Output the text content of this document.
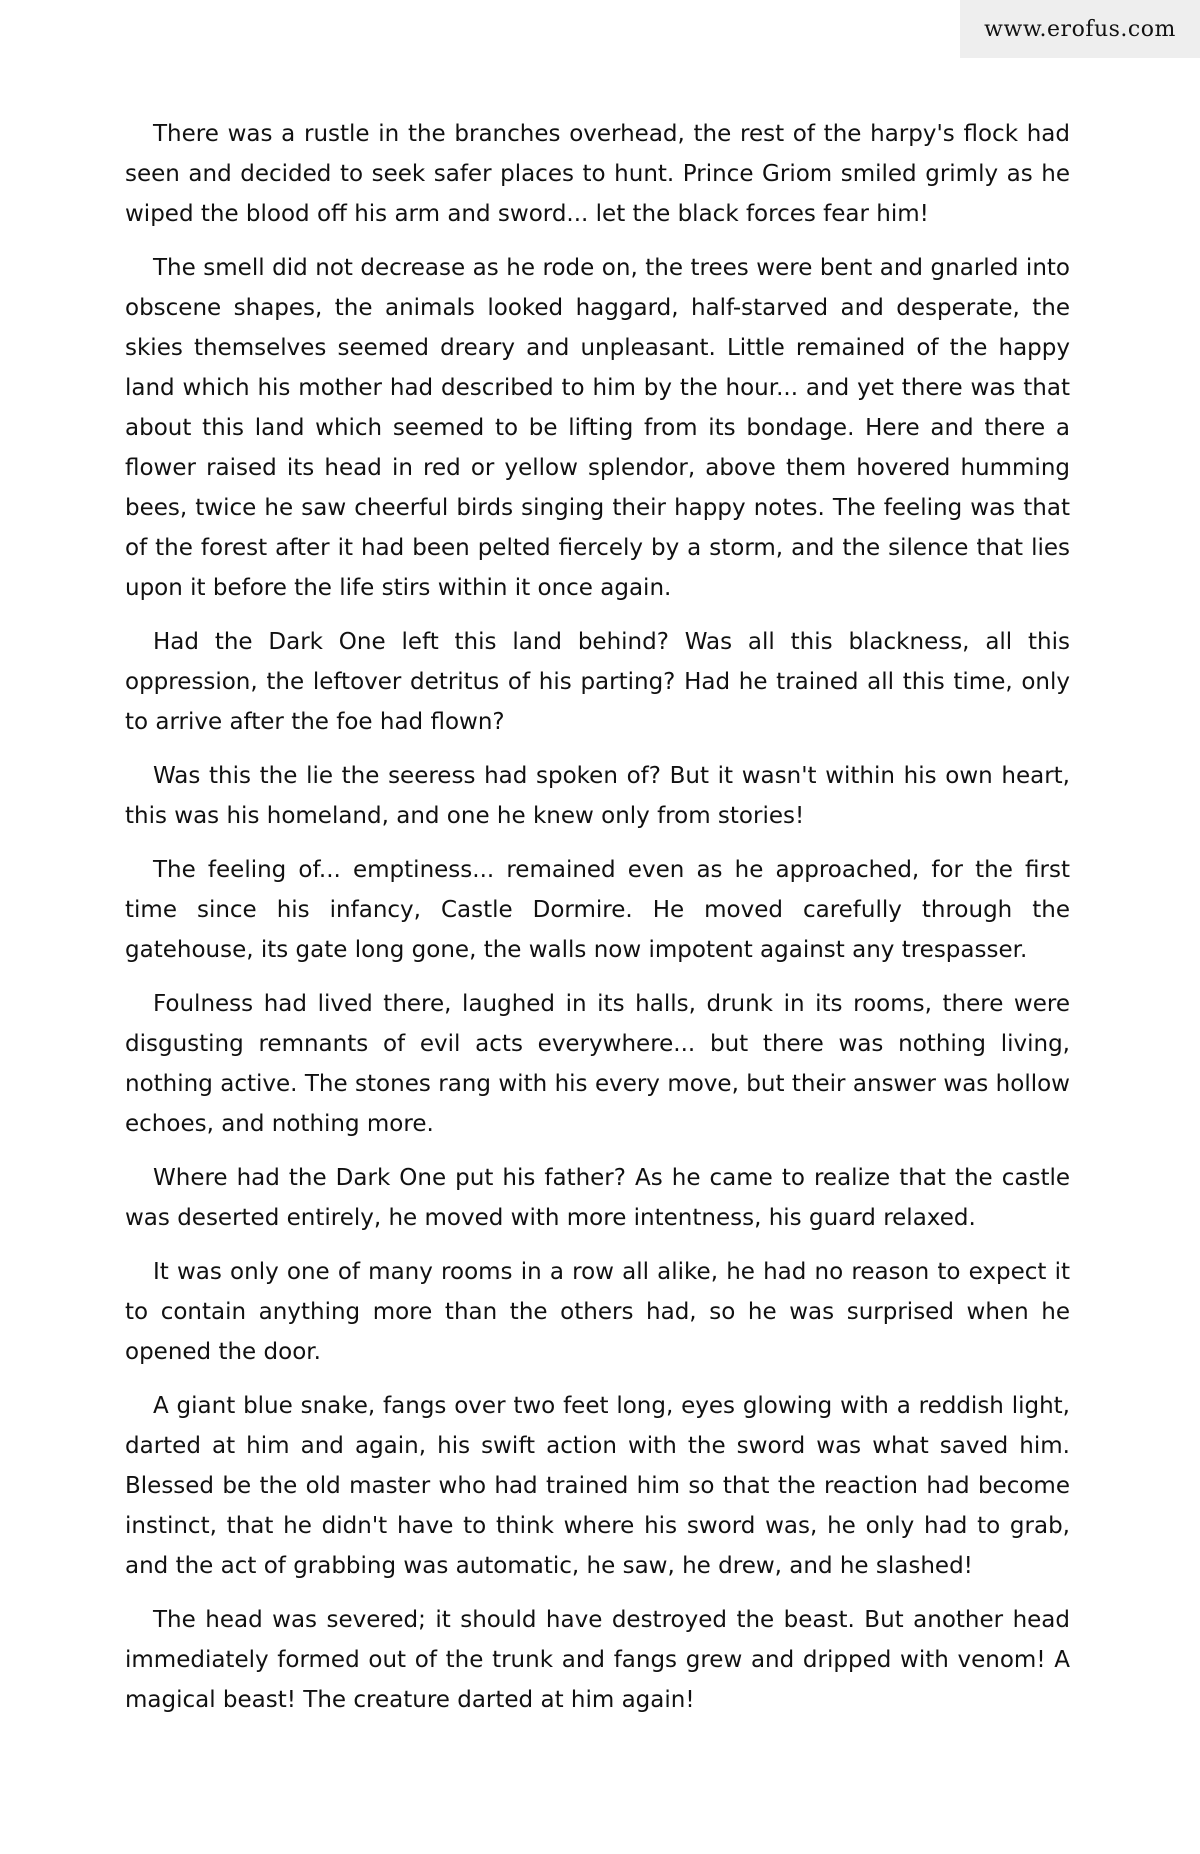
www.erofus.com

There was a rustle in the branches overhead, the rest of the harpy's flock had seen and decided to seek safer places to hunt. Prince Griom smiled grimly as he wiped the blood off his arm and sword... let the black forces fear him!

The smell did not decrease as he rode on, the trees were bent and gnarled into obscene shapes, the animals looked haggard, half-starved and desperate, the skies themselves seemed dreary and unpleasant. Little remained of the happy land which his mother had described to him by the hour... and yet there was that about this land which seemed to be lifting from its bondage. Here and there a flower raised its head in red or yellow splendor, above them hovered humming bees, twice he saw cheerful birds singing their happy notes. The feeling was that of the forest after it had been pelted fiercely by a storm, and the silence that lies upon it before the life stirs within it once again.

Had the Dark One left this land behind? Was all this blackness, all this oppression, the leftover detritus of his parting? Had he trained all this time, only to arrive after the foe had flown?

Was this the lie the seeress had spoken of? But it wasn't within his own heart, this was his homeland, and one he knew only from stories!

The feeling of... emptiness... remained even as he approached, for the first time since his infancy, Castle Dormire. He moved carefully through the gatehouse, its gate long gone, the walls now impotent against any trespasser.

Foulness had lived there, laughed in its halls, drunk in its rooms, there were disgusting remnants of evil acts everywhere... but there was nothing living, nothing active. The stones rang with his every move, but their answer was hollow echoes, and nothing more.

Where had the Dark One put his father? As he came to realize that the castle was deserted entirely, he moved with more intentness, his guard relaxed.

It was only one of many rooms in a row all alike, he had no reason to expect it to contain anything more than the others had, so he was surprised when he opened the door.

A giant blue snake, fangs over two feet long, eyes glowing with a reddish light, darted at him and again, his swift action with the sword was what saved him. Blessed be the old master who had trained him so that the reaction had become instinct, that he didn't have to think where his sword was, he only had to grab, and the act of grabbing was automatic, he saw, he drew, and he slashed!

The head was severed; it should have destroyed the beast. But another head immediately formed out of the trunk and fangs grew and dripped with venom! A magical beast! The creature darted at him again!
